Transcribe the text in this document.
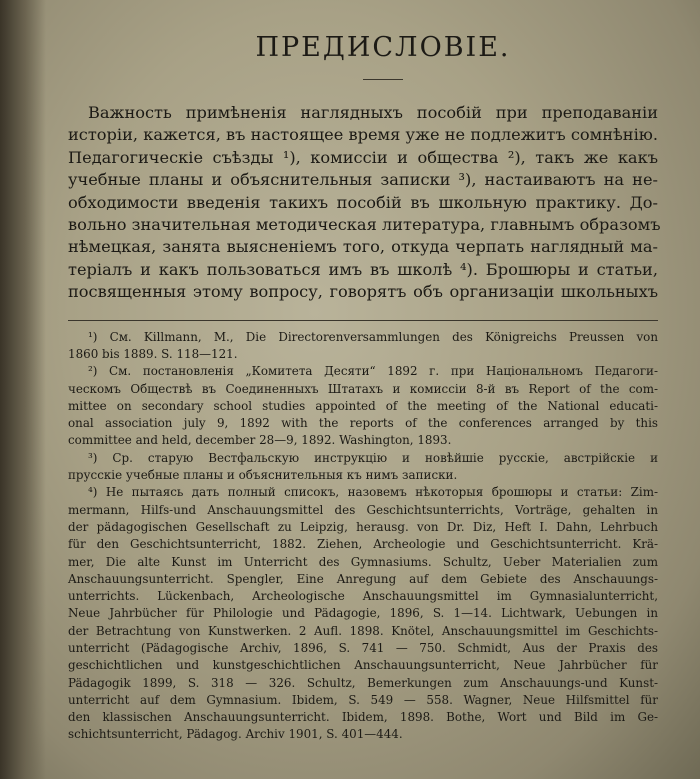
ПРЕДИСЛОВIЕ.
Важность примѣненiя наглядныхъ пособiй при преподаванiи
исторiи, кажется, въ настоящее время уже не подлежитъ сомнѣнiю.
Педагогическiе съѣзды ¹), комиссiи и общества ²), такъ же какъ
учебные планы и объяснительныя записки ³), настаиваютъ на не-
обходимости введенiя такихъ пособiй въ школьную практику. До-
вольно значительная методическая литература, главнымъ образомъ
нѣмецкая, занята выясненiемъ того, откуда черпать наглядный ма-
терiалъ и какъ пользоваться имъ въ школѣ ⁴). Брошюры и статьи,
посвященныя этому вопросу, говорятъ объ организацiи школьныхъ
¹) См. Killmann, M., Die Directorenversammlungen des Königreichs Preussen von
1860 bis 1889. S. 118—121.
²) См. постановленiя „Комитета Десяти“ 1892 г. при Нацiональномъ Педагоги-
ческомъ Обществѣ въ Соединенныхъ Штатахъ и комиссiи 8-й въ Report of the com-
mittee on secondary school studies appointed of the meeting of the National educati-
onal association july 9, 1892 with the reports of the conferences arranged by this
committee and held, december 28—9, 1892. Washington, 1893.
³) Ср. старую Вестфальскую инструкцiю и новѣйшiе русскiе, австрiйскiе и
прусскiе учебные планы и объяснительныя къ нимъ записки.
⁴) Не пытаясь дать полный списокъ, назовемъ нѣкоторыя брошюры и статьи: Zim-
mermann, Hilfs-und Anschauungsmittel des Geschichtsunterrichts, Vorträge, gehalten in
der pädagogischen Gesellschaft zu Leipzig, herausg. von Dr. Diz, Heft I. Dahn, Lehrbuch
für den Geschichtsunterricht, 1882. Ziehen, Archeologie und Geschichtsunterricht. Krä-
mer, Die alte Kunst im Unterricht des Gymnasiums. Schultz, Ueber Materialien zum
Anschauungsunterricht. Spengler, Eine Anregung auf dem Gebiete des Anschauungs-
unterrichts. Lückenbach, Archeologische Anschauungsmittel im Gymnasialunterricht,
Neue Jahrbücher für Philologie und Pädagogie, 1896, S. 1—14. Lichtwark, Uebungen in
der Betrachtung von Kunstwerken. 2 Aufl. 1898. Knötel, Anschauungsmittel im Geschichts-
unterricht (Pädagogische Archiv, 1896, S. 741 — 750. Schmidt, Aus der Praxis des
geschichtlichen und kunstgeschichtlichen Anschauungsunterricht, Neue Jahrbücher für
Pädagogik 1899, S. 318 — 326. Schultz, Bemerkungen zum Anschauungs-und Kunst-
unterricht auf dem Gymnasium. Ibidem, S. 549 — 558. Wagner, Neue Hilfsmittel für
den klassischen Anschauungsunterricht. Ibidem, 1898. Bothe, Wort und Bild im Ge-
schichtsunterricht, Pädagog. Archiv 1901, S. 401—444.
